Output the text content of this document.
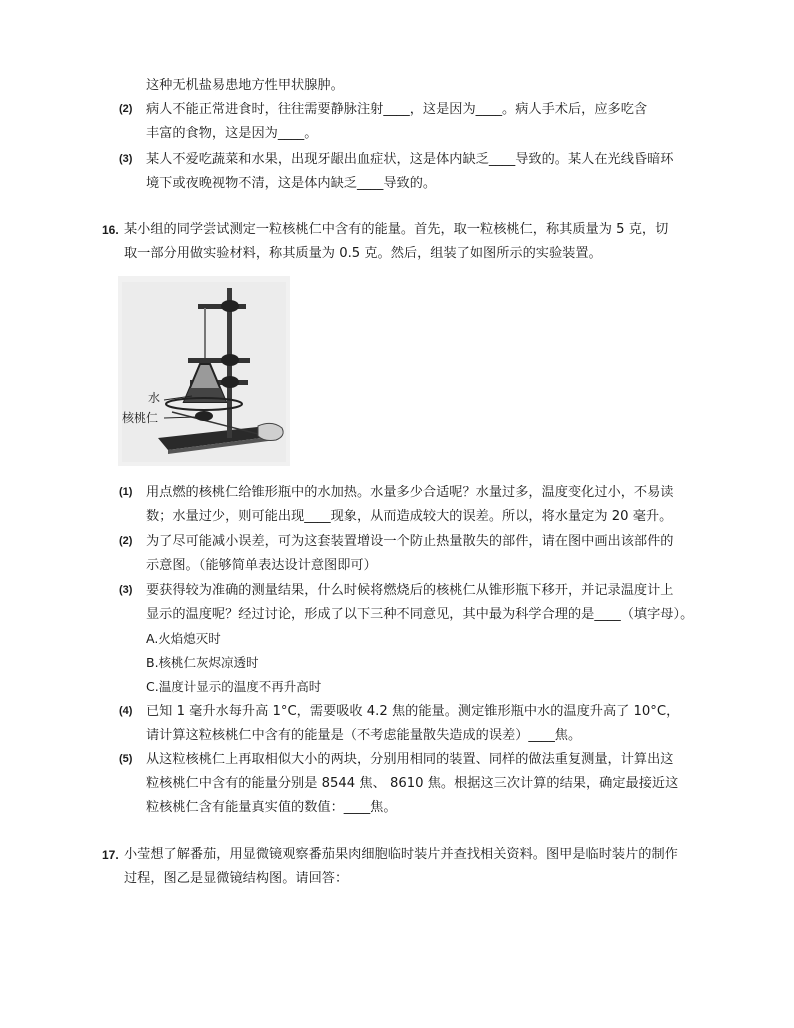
这种无机盐易患地方性甲状腺肿。
(2) 病人不能正常进食时，往往需要静脉注射____，这是因为____。病人手术后，应多吃含
丰富的食物，这是因为____。
(3) 某人不爱吃蔬菜和水果，出现牙龈出血症状，这是体内缺乏____导致的。某人在光线昏暗环
境下或夜晚视物不清，这是体内缺乏____导致的。
16. 某小组的同学尝试测定一粒核桃仁中含有的能量。首先，取一粒核桃仁，称其质量为 5 克，切
取一部分用做实验材料，称其质量为 0.5 克。然后，组装了如图所示的实验装置。
水
核桃仁
(1) 用点燃的核桃仁给锥形瓶中的水加热。水量多少合适呢？水量过多，温度变化过小，不易读
数；水量过少，则可能出现____现象，从而造成较大的误差。所以，将水量定为 20 毫升。
(2) 为了尽可能减小误差，可为这套装置增设一个防止热量散失的部件，请在图中画出该部件的
示意图。（能够简单表达设计意图即可）
(3) 要获得较为准确的测量结果，什么时候将燃烧后的核桃仁从锥形瓶下移开，并记录温度计上
显示的温度呢？经过讨论，形成了以下三种不同意见，其中最为科学合理的是____（填字母）。
A.火焰熄灭时
B.核桃仁灰烬凉透时
C.温度计显示的温度不再升高时
(4) 已知 1 毫升水每升高 1°C，需要吸收 4.2 焦的能量。测定锥形瓶中水的温度升高了 10°C，
请计算这粒核桃仁中含有的能量是（不考虑能量散失造成的误差）____焦。
(5) 从这粒核桃仁上再取相似大小的两块，分别用相同的装置、同样的做法重复测量，计算出这
粒核桃仁中含有的能量分别是 8544 焦、 8610 焦。根据这三次计算的结果，确定最接近这
粒核桃仁含有能量真实值的数值：____焦。
17. 小莹想了解番茄，用显微镜观察番茄果肉细胞临时装片并查找相关资料。图甲是临时装片的制作
过程，图乙是显微镜结构图。请回答：
